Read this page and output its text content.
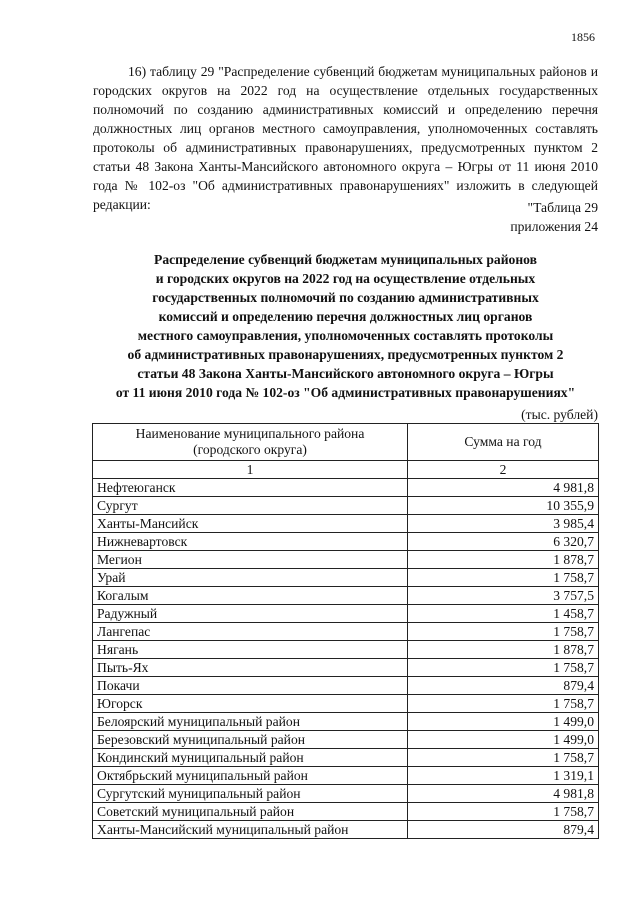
1856

16) таблицу 29 "Распределение субвенций бюджетам муниципальных районов и городских округов на 2022 год на осуществление отдельных государственных полномочий по созданию административных комиссий и определению перечня должностных лиц органов местного самоуправления, уполномоченных составлять протоколы об административных правонарушениях, предусмотренных пунктом 2 статьи 48 Закона Ханты-Мансийского автономного округа – Югры от 11 июня 2010 года № 102-оз "Об административных правонарушениях" изложить в следующей редакции:	"Таблица 29
приложения 24
Распределение субвенций бюджетам муниципальных районов
и городских округов на 2022 год на осуществление отдельных
государственных полномочий по созданию административных
комиссий и определению перечня должностных лиц органов
местного самоуправления, уполномоченных составлять протоколы
об административных правонарушениях, предусмотренных пунктом 2
статьи 48 Закона Ханты-Мансийского автономного округа – Югры
от 11 июня 2010 года № 102-оз "Об административных правонарушениях"
(тыс. рублей)
Наименование муниципального района
(городского округа)	Сумма на год
1	2
Нефтеюганск	4 981,8
Сургут	10 355,9
Ханты-Мансийск	3 985,4
Нижневартовск	6 320,7
Мегион	1 878,7
Урай	1 758,7
Когалым	3 757,5
Радужный	1 458,7
Лангепас	1 758,7
Нягань	1 878,7
Пыть-Ях	1 758,7
Покачи	879,4
Югорск	1 758,7
Белоярский муниципальный район	1 499,0
Березовский муниципальный район	1 499,0
Кондинский муниципальный район	1 758,7
Октябрьский муниципальный район	1 319,1
Сургутский муниципальный район	4 981,8
Советский муниципальный район	1 758,7
Ханты-Мансийский муниципальный район	879,4
